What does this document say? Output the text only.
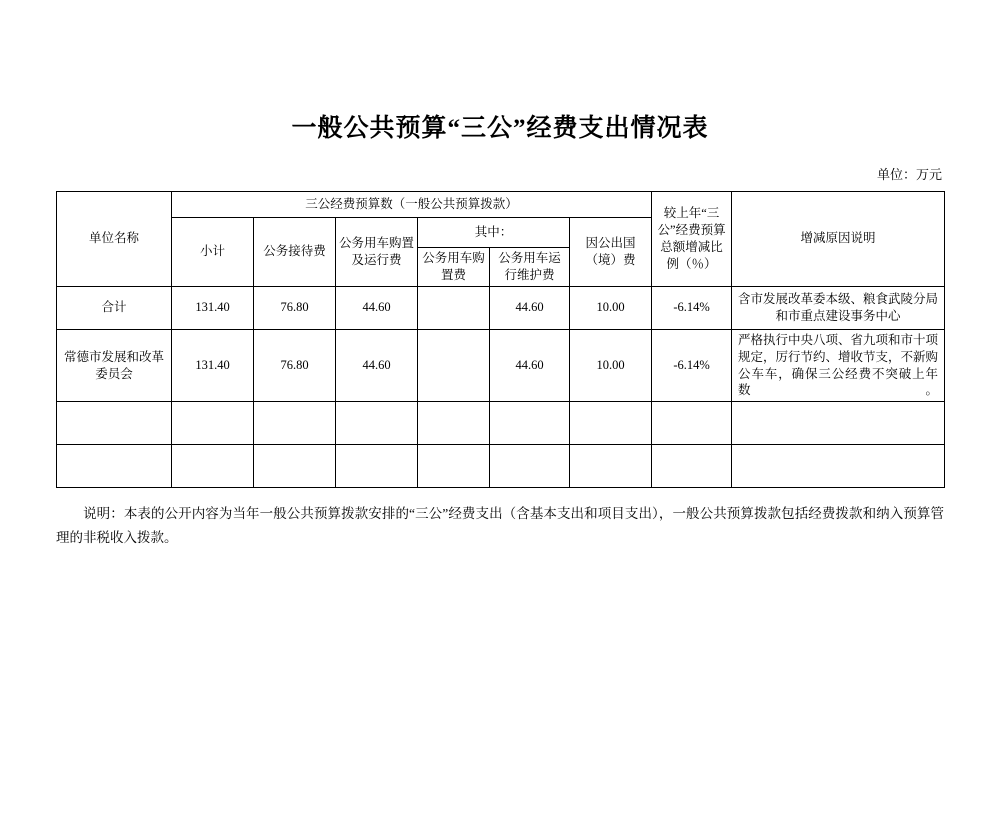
一般公共预算“三公”经费支出情况表
单位：万元
单位名称	三公经费预算数（一般公共预算拨款）						较上年“三公”经费预算总额增减比例（％）	增减原因说明
	小计	公务接待费	公务用车购置及运行费	其中：		因公出国（境）费		
				公务用车购置费	公务用车运行维护费			
合计	131.40	76.80	44.60		44.60	10.00	-6.14%	含市发展改革委本级、粮食武陵分局和市重点建设事务中心
常德市发展和改革委员会	131.40	76.80	44.60		44.60	10.00	-6.14%	严格执行中央八项、省九项和市十项规定，厉行节约、增收节支，不新购公车车，确保三公经费不突破上年数。

说明：本表的公开内容为当年一般公共预算拨款安排的“三公”经费支出（含基本支出和项目支出），一般公共预算拨款包括经费拨款和纳入预算管理的非税收入拨款。
